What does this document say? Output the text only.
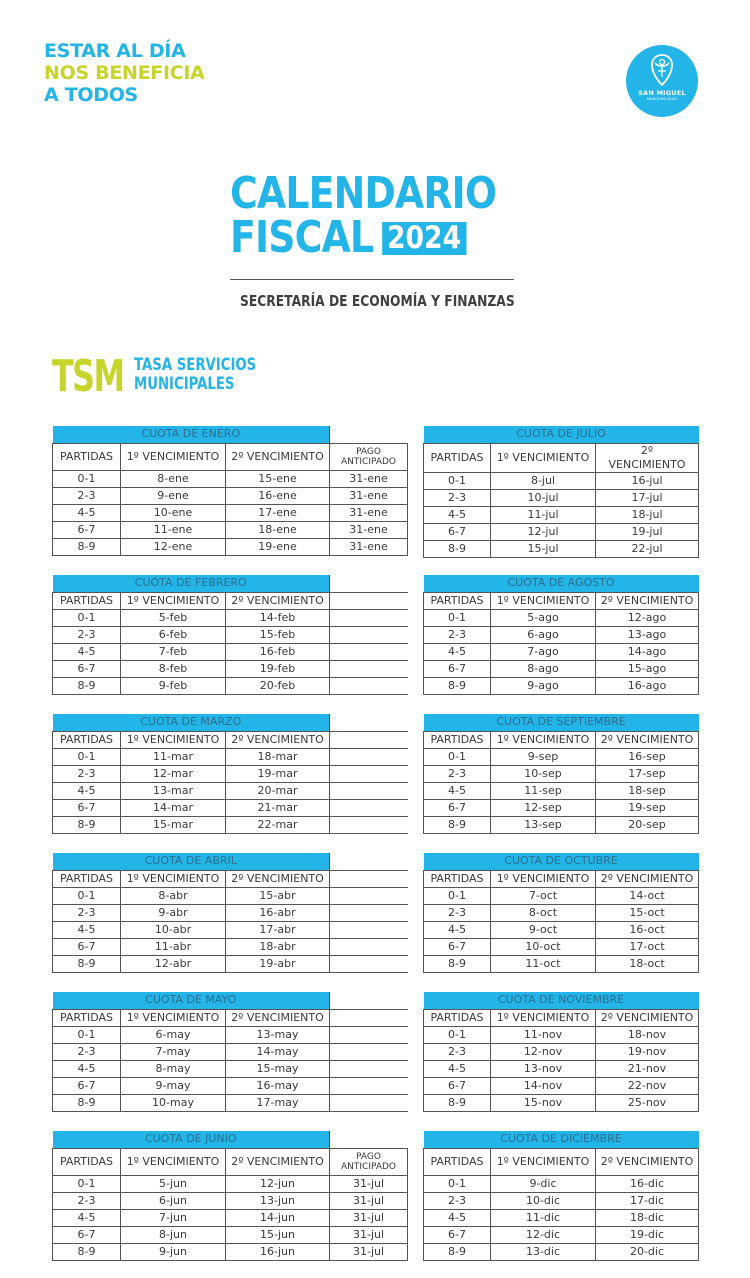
ESTAR AL DÍA
NOS BENEFICIA
A TODOS	SAN MIGUEL
MUNICIPALIDAD
CALENDARIO
FISCAL 2024
SECRETARÍA DE ECONOMÍA Y FINANZAS
TSM TASA SERVICIOS
MUNICIPALES
CUOTA DE ENERO			
PARTIDAS	1º VENCIMIENTO	2º VENCIMIENTO	PAGO
ANTICIPADO

0-1	8-ene	15-ene	31-ene
2-3	9-ene	16-ene	31-ene
4-5	10-ene	17-ene	31-ene
6-7	11-ene	18-ene	31-ene
8-9	12-ene	19-ene	31-ene
CUOTA DE FEBRERO			
PARTIDAS	1º VENCIMIENTO	2º VENCIMIENTO	
0-1	5-feb	14-feb	
2-3	6-feb	15-feb	
4-5	7-feb	16-feb	
6-7	8-feb	19-feb	
8-9	9-feb	20-feb	
CUOTA DE MARZO			
PARTIDAS	1º VENCIMIENTO	2º VENCIMIENTO	
0-1	11-mar	18-mar	
2-3	12-mar	19-mar	
4-5	13-mar	20-mar	
6-7	14-mar	21-mar	
8-9	15-mar	22-mar	
CUOTA DE ABRIL			
PARTIDAS	1º VENCIMIENTO	2º VENCIMIENTO	
0-1	8-abr	15-abr	
2-3	9-abr	16-abr	
4-5	10-abr	17-abr	
6-7	11-abr	18-abr	
8-9	12-abr	19-abr	
CUOTA DE MAYO			
PARTIDAS	1º VENCIMIENTO	2º VENCIMIENTO	
0-1	6-may	13-may	
2-3	7-may	14-may	
4-5	8-may	15-may	
6-7	9-may	16-may	
8-9	10-may	17-may	
CUOTA DE JUNIO			
PARTIDAS	1º VENCIMIENTO	2º VENCIMIENTO	PAGO
ANTICIPADO

0-1	5-jun	12-jun	31-jul
2-3	6-jun	13-jun	31-jul
4-5	7-jun	14-jun	31-jul
6-7	8-jun	15-jun	31-jul
8-9	9-jun	16-jun	31-jul
CUOTA DE JULIO		
PARTIDAS	1º VENCIMIENTO	2º
VENCIMIENTO

0-1	8-jul	16-jul
2-3	10-jul	17-jul
4-5	11-jul	18-jul
6-7	12-jul	19-jul
8-9	15-jul	22-jul
CUOTA DE AGOSTO		
PARTIDAS	1º VENCIMIENTO	2º VENCIMIENTO
0-1	5-ago	12-ago
2-3	6-ago	13-ago
4-5	7-ago	14-ago
6-7	8-ago	15-ago
8-9	9-ago	16-ago
CUOTA DE SEPTIEMBRE		
PARTIDAS	1º VENCIMIENTO	2º VENCIMIENTO
0-1	9-sep	16-sep
2-3	10-sep	17-sep
4-5	11-sep	18-sep
6-7	12-sep	19-sep
8-9	13-sep	20-sep
CUOTA DE OCTUBRE		
PARTIDAS	1º VENCIMIENTO	2º VENCIMIENTO
0-1	7-oct	14-oct
2-3	8-oct	15-oct
4-5	9-oct	16-oct
6-7	10-oct	17-oct
8-9	11-oct	18-oct
CUOTA DE NOVIEMBRE		
PARTIDAS	1º VENCIMIENTO	2º VENCIMIENTO
0-1	11-nov	18-nov
2-3	12-nov	19-nov
4-5	13-nov	21-nov
6-7	14-nov	22-nov
8-9	15-nov	25-nov
CUOTA DE DICIEMBRE		
PARTIDAS	1º VENCIMIENTO	2º VENCIMIENTO
0-1	9-dic	16-dic
2-3	10-dic	17-dic
4-5	11-dic	18-dic
6-7	12-dic	19-dic
8-9	13-dic	20-dic
